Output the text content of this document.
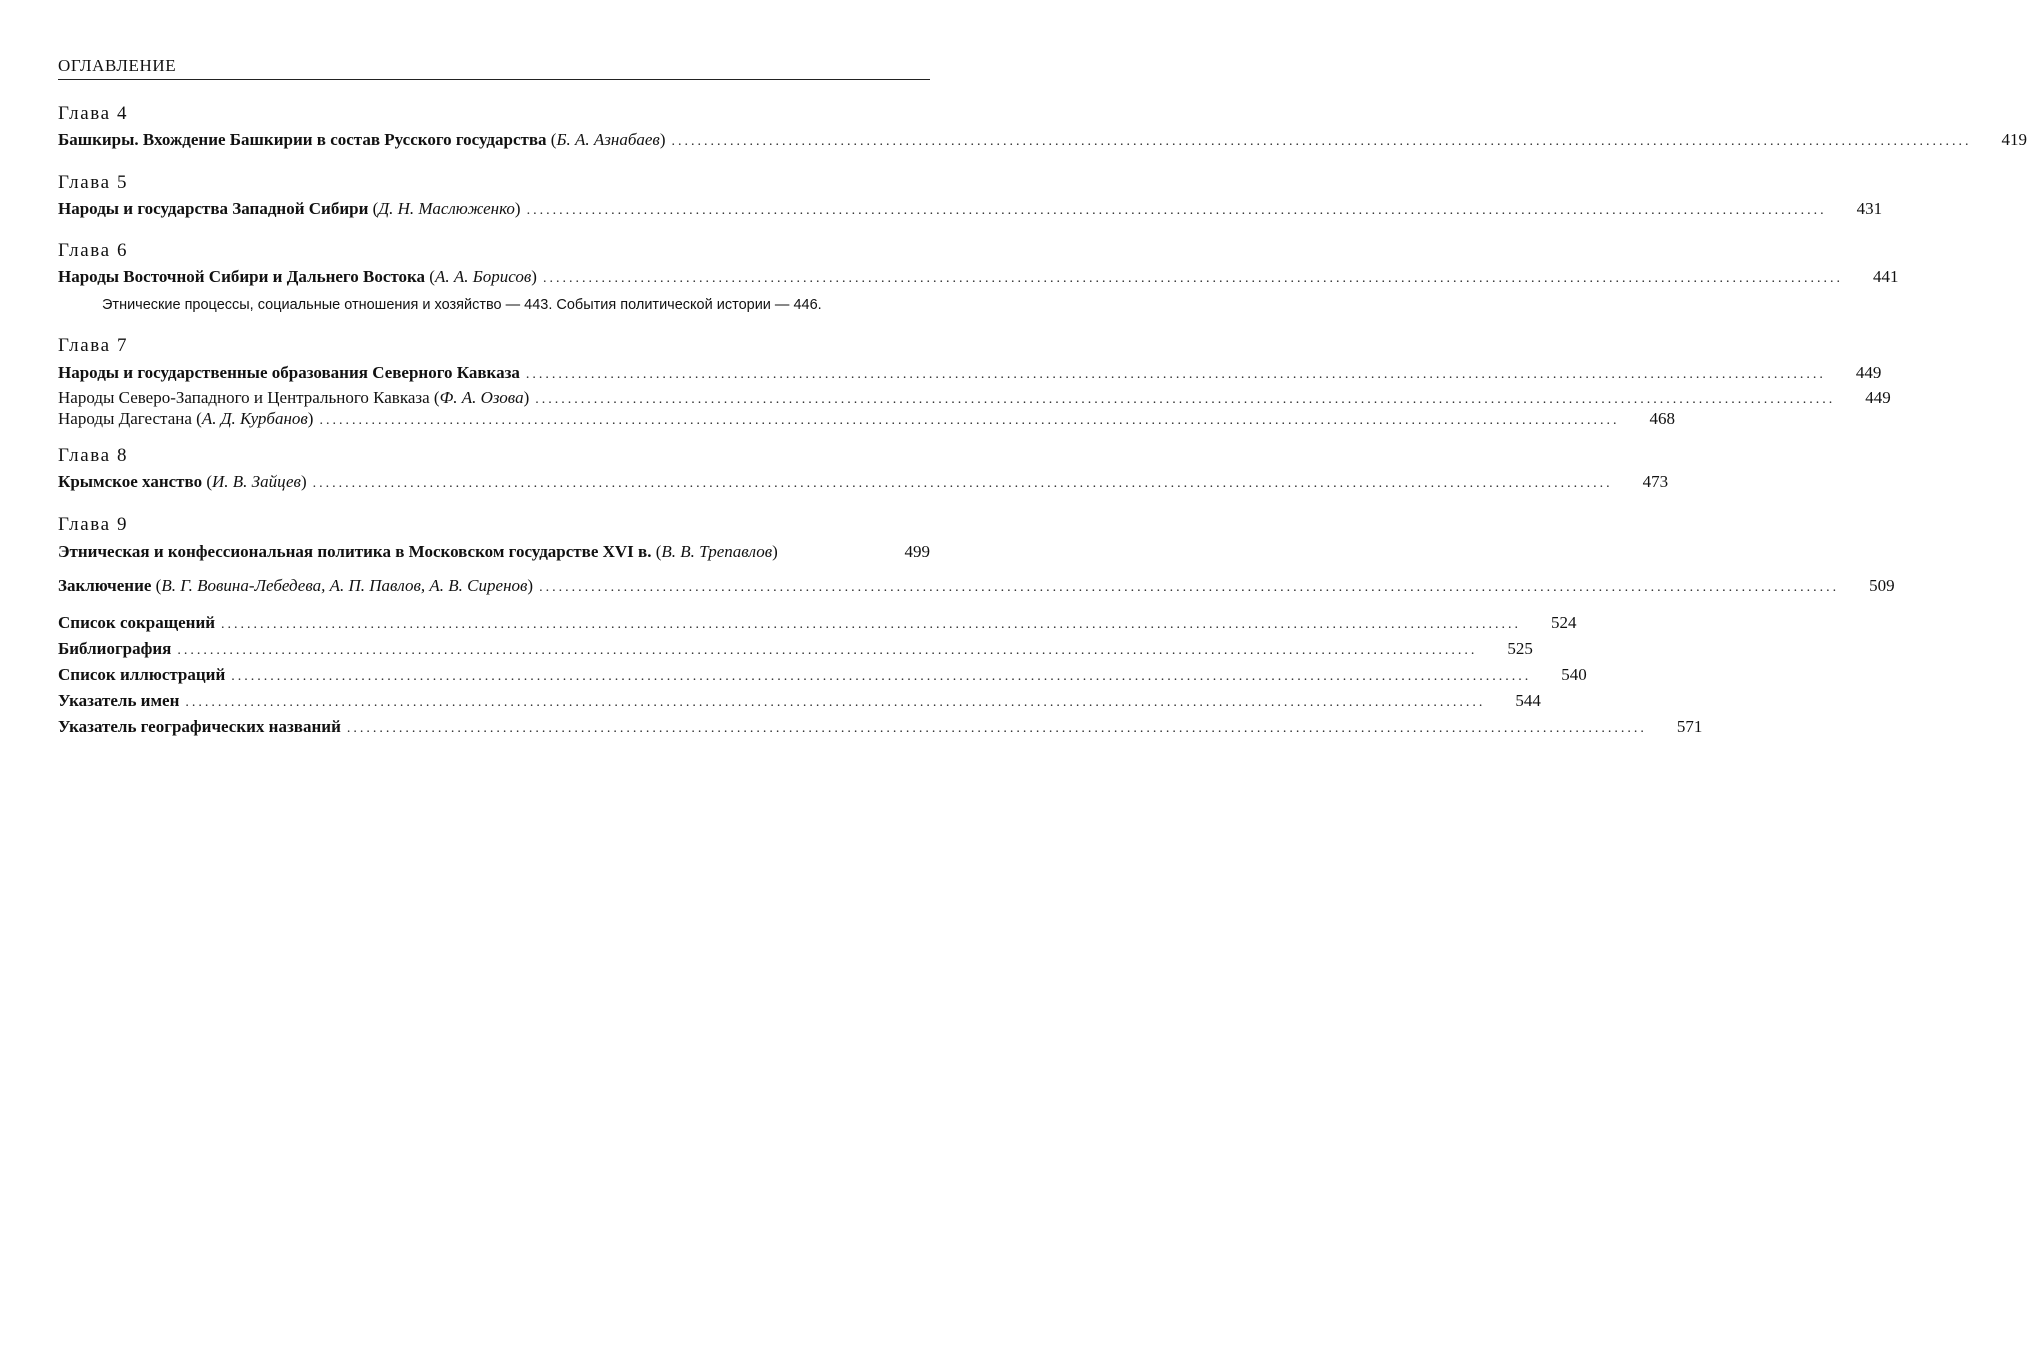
ОГЛАВЛЕНИЕ
Глава 4
Башкиры. Вхождение Башкирии в состав Русского государства (Б. А. Азнабаев) ........................................................................................................................................................................................................ 419
Глава 5
Народы и государства Западной Сибири (Д. Н. Маслюженко) ........................................................................................................................................................................................................ 431
Глава 6
Народы Восточной Сибири и Дальнего Востока (А. А. Борисов) ........................................................................................................................................................................................................ 441
Этнические процессы, социальные отношения и хозяйство — 443. События политической истории — 446.
Глава 7
Народы и государственные образования Северного Кавказа ........................................................................................................................................................................................................ 449
Народы Северо-Западного и Центрального Кавказа (Ф. А. Озова) ........................................................................................................................................................................................................ 449
Народы Дагестана (А. Д. Курбанов) ........................................................................................................................................................................................................ 468
Глава 8
Крымское ханство (И. В. Зайцев) ........................................................................................................................................................................................................ 473
Глава 9
Этническая и конфессиональная политика в Московском государстве XVI в. (В. В. Трепавлов)	499
Заключение (В. Г. Вовина-Лебедева, А. П. Павлов, А. В. Сиренов) ........................................................................................................................................................................................................ 509
Список сокращений ........................................................................................................................................................................................................ 524
Библиография ........................................................................................................................................................................................................ 525
Список иллюстраций ........................................................................................................................................................................................................ 540
Указатель имен ........................................................................................................................................................................................................ 544
Указатель географических названий ........................................................................................................................................................................................................ 571
